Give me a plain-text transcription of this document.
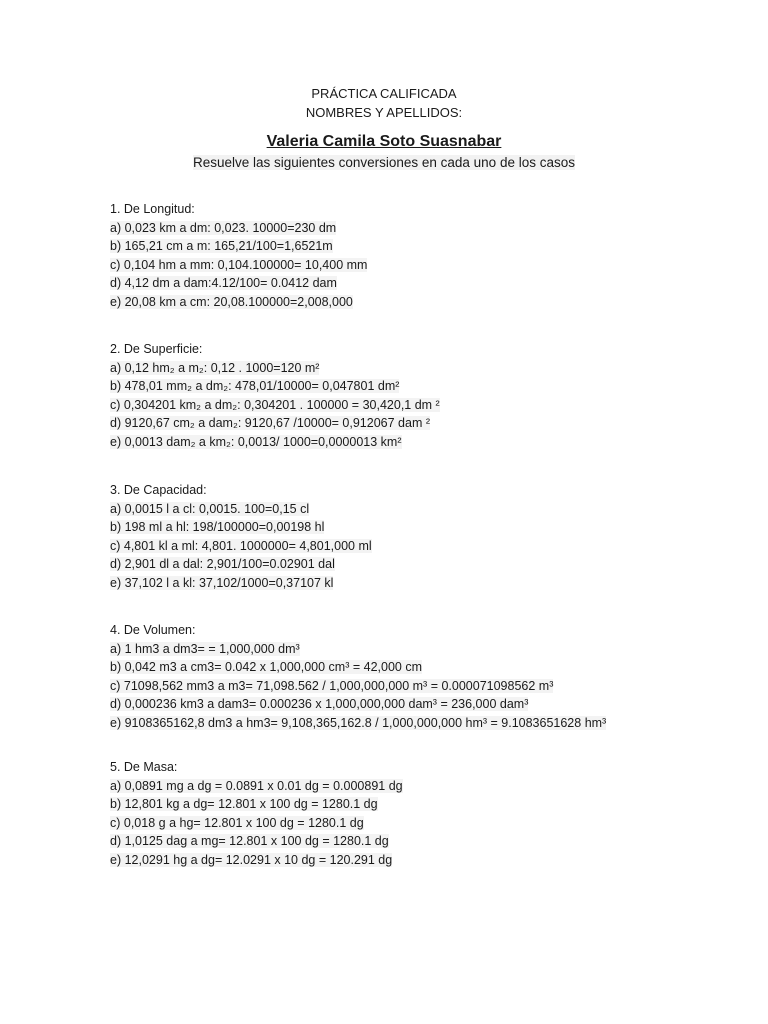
PRÁCTICA CALIFICADA
NOMBRES Y APELLIDOS:
Valeria Camila Soto Suasnabar
Resuelve las siguientes conversiones en cada uno de los casos
1. De Longitud:
a) 0,023 km a dm: 0,023. 10000=230 dm
b) 165,21 cm a m: 165,21/100=1,6521m
c) 0,104 hm a mm: 0,104.100000= 10,400 mm
d) 4,12 dm a dam:4.12/100= 0.0412 dam
e) 20,08 km a cm: 20,08.100000=2,008,000
2. De Superficie:
a) 0,12 hm₂ a m₂: 0,12 . 1000=120 m²
b) 478,01 mm₂ a dm₂: 478,01/10000= 0,047801 dm²
c) 0,304201 km₂ a dm₂: 0,304201 . 100000 = 30,420,1 dm ²
d) 9120,67 cm₂ a dam₂: 9120,67 /10000= 0,912067 dam ²
e) 0,0013 dam₂ a km₂: 0,0013/ 1000=0,0000013 km²
3. De Capacidad:
a) 0,0015 l a cl: 0,0015. 100=0,15 cl
b) 198 ml a hl: 198/100000=0,00198 hl
c) 4,801 kl a ml: 4,801. 1000000= 4,801,000 ml
d) 2,901 dl a dal: 2,901/100=0.02901 dal
e) 37,102 l a kl: 37,102/1000=0,37107 kl
4. De Volumen:
a) 1 hm3 a dm3= = 1,000,000 dm³
b) 0,042 m3 a cm3= 0.042 x 1,000,000 cm³ = 42,000 cm
c) 71098,562 mm3 a m3= 71,098.562 / 1,000,000,000 m³ = 0.000071098562 m³
d) 0,000236 km3 a dam3= 0.000236 x 1,000,000,000 dam³ = 236,000 dam³
e) 9108365162,8 dm3 a hm3= 9,108,365,162.8 / 1,000,000,000 hm³ = 9.1083651628 hm³
5. De Masa:
a) 0,0891 mg a dg = 0.0891 x 0.01 dg = 0.000891 dg
b) 12,801 kg a dg= 12.801 x 100 dg = 1280.1 dg
c) 0,018 g a hg= 12.801 x 100 dg = 1280.1 dg
d) 1,0125 dag a mg= 12.801 x 100 dg = 1280.1 dg
e) 12,0291 hg a dg= 12.0291 x 10 dg = 120.291 dg
